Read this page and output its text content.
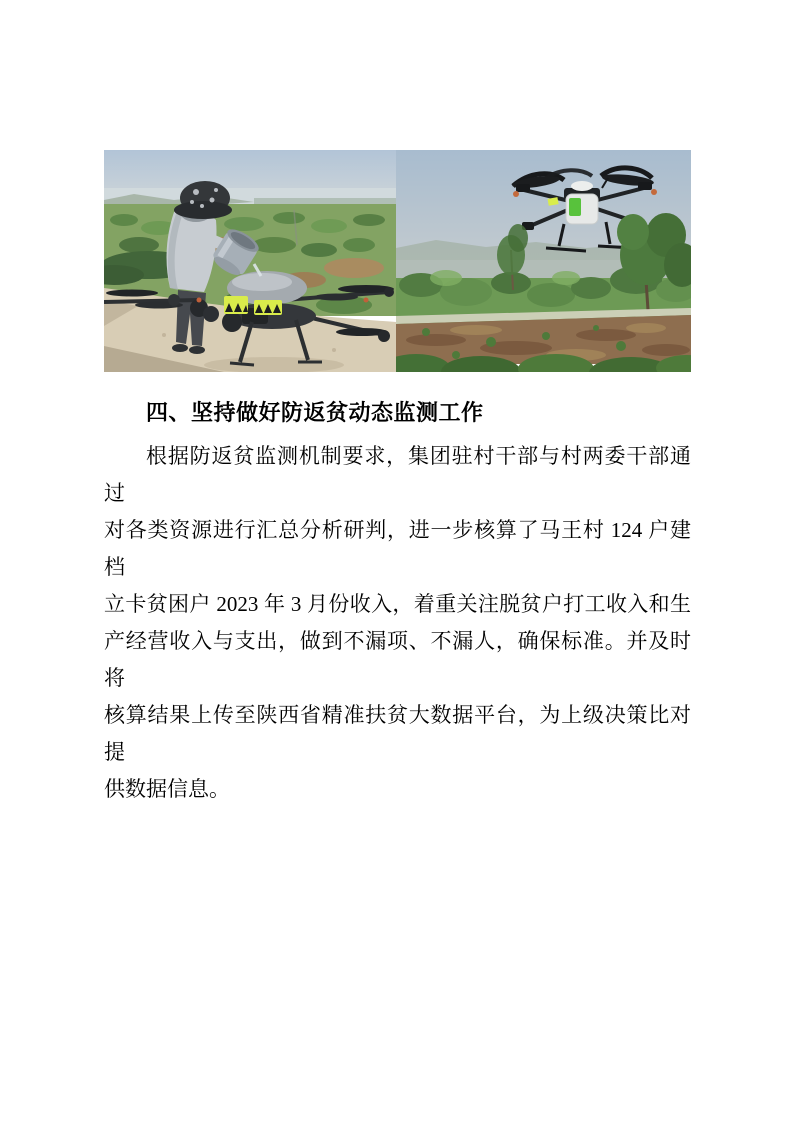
四、坚持做好防返贫动态监测工作
根据防返贫监测机制要求，集团驻村干部与村两委干部通过
对各类资源进行汇总分析研判，进一步核算了马王村 124 户建档
立卡贫困户 2023 年 3 月份收入，着重关注脱贫户打工收入和生
产经营收入与支出，做到不漏项、不漏人，确保标准。并及时将
核算结果上传至陕西省精准扶贫大数据平台，为上级决策比对提
供数据信息。
